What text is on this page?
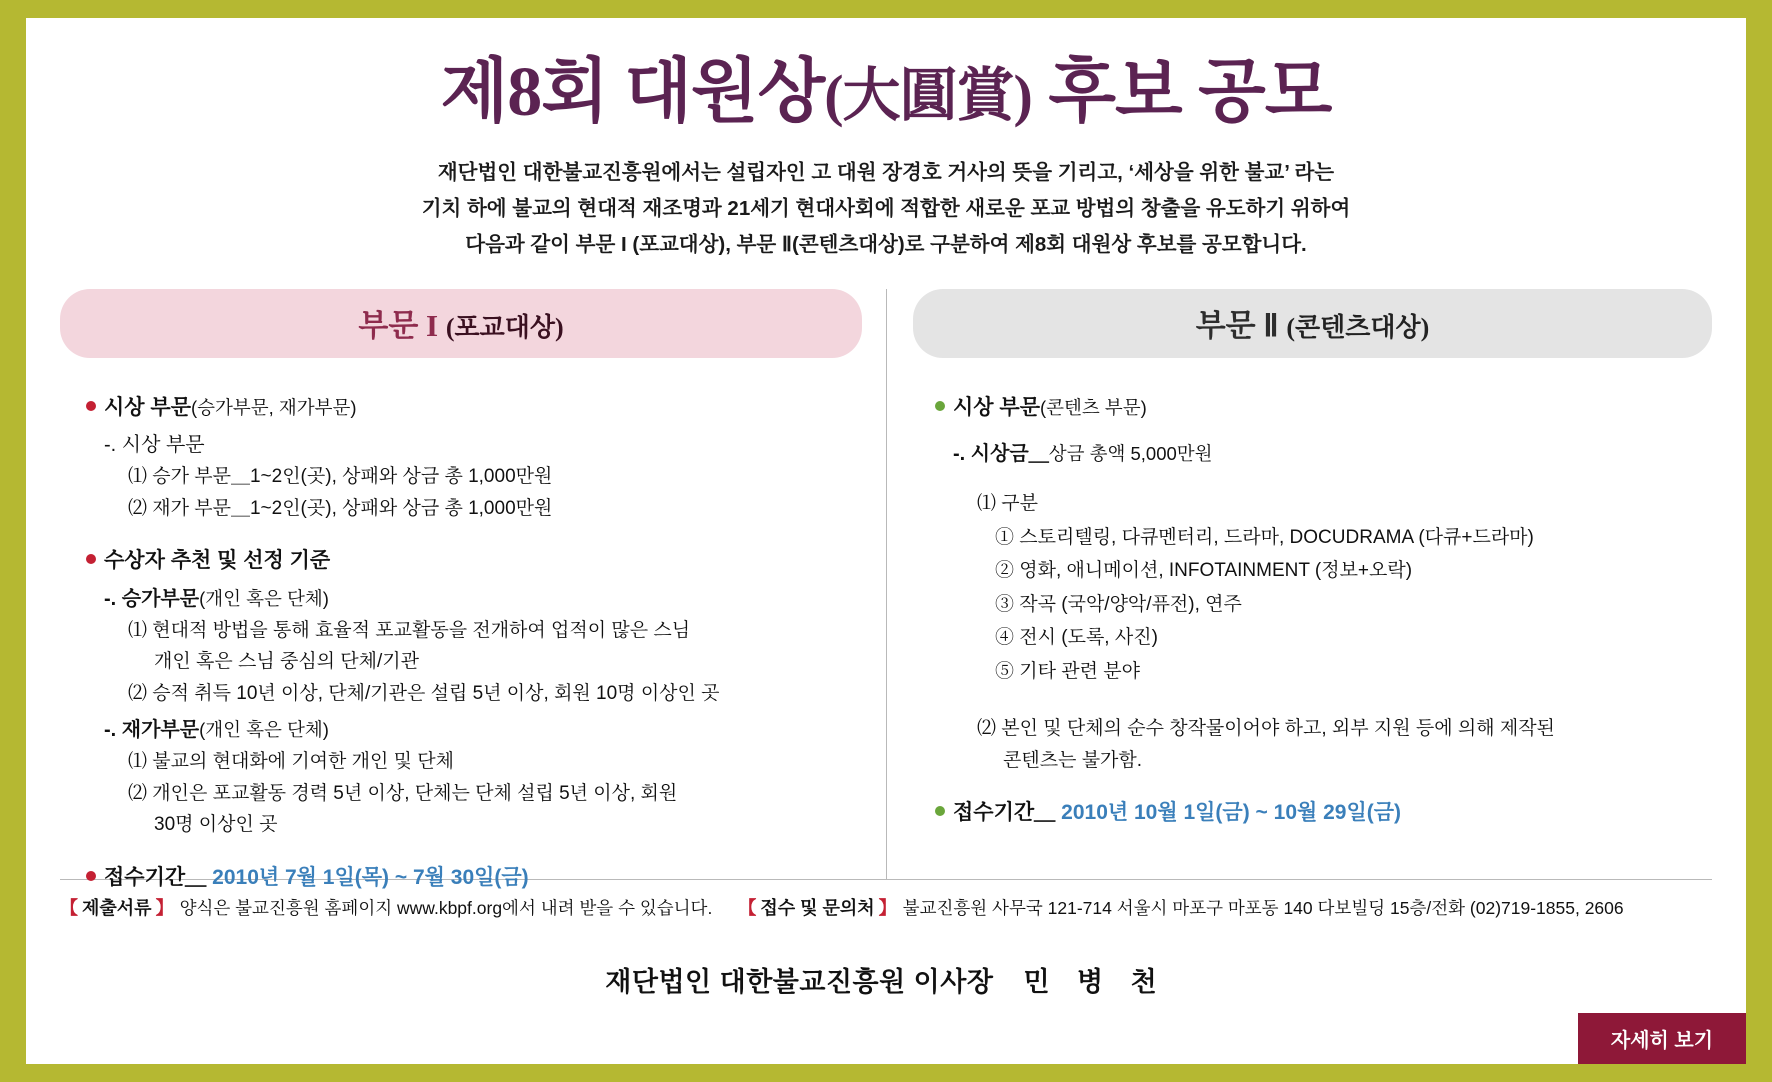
제8회 대원상(大圓賞) 후보 공모
재단법인 대한불교진흥원에서는 설립자인 고 대원 장경호 거사의 뜻을 기리고, ‘세상을 위한 불교’ 라는
기치 하에 불교의 현대적 재조명과 21세기 현대사회에 적합한 새로운 포교 방법의 창출을 유도하기 위하여
다음과 같이 부문 I (포교대상), 부문 Ⅱ(콘텐츠대상)로 구분하여 제8회 대원상 후보를 공모합니다.
부문 I (포교대상)
시상 부문(승가부문, 재가부문)
-. 시상 부문
⑴ 승가 부문＿1~2인(곳), 상패와 상금 총 1,000만원
⑵ 재가 부문＿1~2인(곳), 상패와 상금 총 1,000만원
수상자 추천 및 선정 기준
-. 승가부문(개인 혹은 단체)
⑴ 현대적 방법을 통해 효율적 포교활동을 전개하여 업적이 많은 스님
개인 혹은 스님 중심의 단체/기관
⑵ 승적 취득 10년 이상, 단체/기관은 설립 5년 이상, 회원 10명 이상인 곳
-. 재가부문(개인 혹은 단체)
⑴ 불교의 현대화에 기여한 개인 및 단체
⑵ 개인은 포교활동 경력 5년 이상, 단체는 단체 설립 5년 이상, 회원
30명 이상인 곳
접수기간＿ 2010년 7월 1일(목) ~ 7월 30일(금)
부문 Ⅱ (콘텐츠대상)
시상 부문(콘텐츠 부문)
-. 시상금＿상금 총액 5,000만원
⑴ 구분
① 스토리텔링, 다큐멘터리, 드라마, DOCUDRAMA (다큐+드라마)
② 영화, 애니메이션, INFOTAINMENT (정보+오락)
③ 작곡 (국악/양악/퓨전), 연주
④ 전시 (도록, 사진)
⑤ 기타 관련 분야
⑵ 본인 및 단체의 순수 창작물이어야 하고, 외부 지원 등에 의해 제작된
콘텐츠는 불가함.
접수기간＿ 2010년 10월 1일(금) ~ 10월 29일(금)
【 제출서류 】 양식은 불교진흥원 홈페이지 www.kbpf.org에서 내려 받을 수 있습니다. 【 접수 및 문의처 】 불교진흥원 사무국 121-714 서울시 마포구 마포동 140 다보빌딩 15층/전화 (02)719-1855, 2606
재단법인 대한불교진흥원 이사장 민 병 천
자세히 보기
